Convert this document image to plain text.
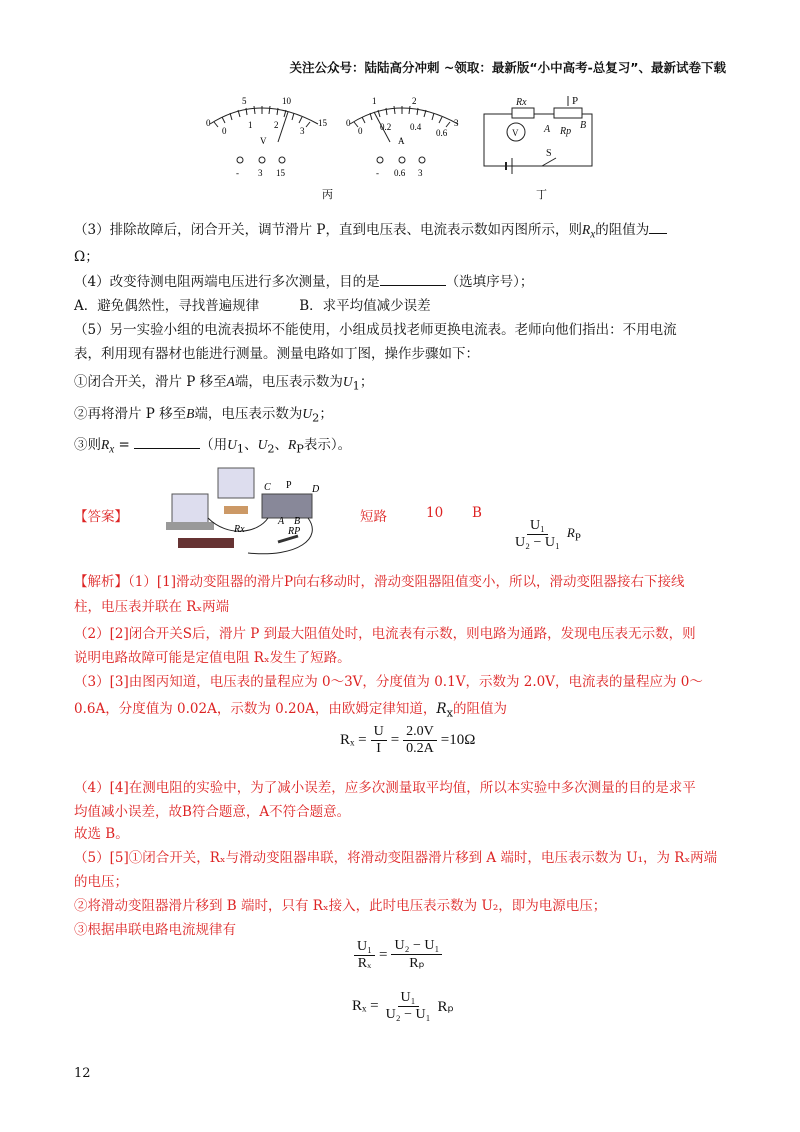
关注公众号：陆陆高分冲刺 ~领取：最新版“小中高考-总复习”、最新试卷下载
0
5	10
15
0
1 2
3
V
- 3 15
0
1	2
3
0 0.2 0.4
0.6
A
- 0.6 3
Rx	P
A Rp
B
V
S
丙	丁
（3）排除故障后，闭合开关，调节滑片 P，直到电压表、电流表示数如丙图所示，则$R_x$的阻值为
Ω；
（4）改变待测电阻两端电压进行多次测量，目的是	（选填序号）；
A．避免偶然性，寻找普遍规律	B．求平均值减少误差
（5）另一实验小组的电流表损坏不能使用，小组成员找老师更换电流表。老师向他们指出：不用电流
表，利用现有器材也能进行测量。测量电路如丁图，操作步骤如下：
①闭合开关，滑片 P 移至A端，电压表示数为$U_1$；
②再将滑片 P 移至B端，电压表示数为$U_2$；
③则$R_x$ =	（用$U_1$、$U_2$、$R_P$表示）。
【答案】
C P D
A B
Rx	RP
短路	10 B
$\frac{\text{U₁}}{\text{U₂ − U₁}} R_P$
【解析】（1）[1]滑动变阻器的滑片P向右移动时，滑动变阻器阻值变小，所以，滑动变阻器接右下接线
柱，电压表并联在 Rₓ两端
（2）[2]闭合开关S后，滑片 P 到最大阻值处时，电流表有示数，则电路为通路，发现电压表无示数，则
说明电路故障可能是定值电阻 Rₓ发生了短路。
（3）[3]由图丙知道，电压表的量程应为 0～3V，分度值为 0.1V，示数为 2.0V，电流表的量程应为 0～
0.6A，分度值为 0.02A，示数为 0.20A，由欧姆定律知道，$R_x$的阻值为
$R_x = \frac{U}{I} = \frac{2.0V}{0.2A} =10\Omega$
（4）[4]在测电阻的实验中，为了减小误差，应多次测量取平均值，所以本实验中多次测量的目的是求平
均值减小误差，故B符合题意，A不符合题意。
故选 B。
（5）[5]①闭合开关，Rₓ与滑动变阻器串联，将滑动变阻器滑片移到 A 端时，电压表示数为 U₁，为 Rₓ两端
的电压；
②将滑动变阻器滑片移到 B 端时，只有 Rₓ接入，此时电压表示数为 U₂，即为电源电压；
③根据串联电路电流规律有
$\frac{\text{U₁}}{\text{Rₓ}} = \frac{\text{U₂ − U₁}}{\text{Rₚ}}$
$R_x = \frac{\text{U₁}}{\text{U₂ − U₁}}$ Rₚ
12
